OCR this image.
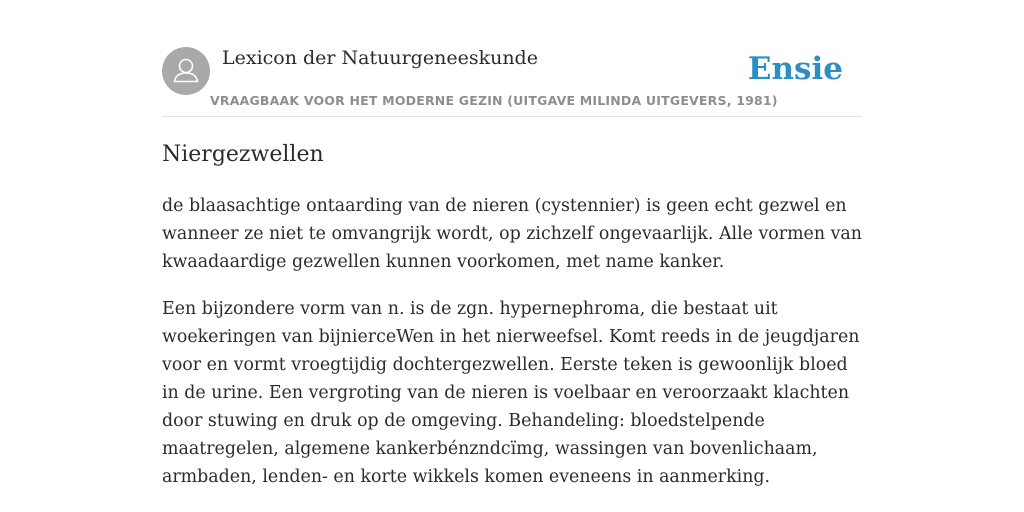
Lexicon der Natuurgeneeskunde
VRAAGBAAK VOOR HET MODERNE GEZIN (UITGAVE MILINDA UITGEVERS, 1981)
Ensie
Niergezwellen

de blaasachtige ontaarding van de nieren (cystennier) is geen echt gezwel en wanneer ze niet te omvangrijk wordt, op zichzelf ongevaarlijk. Alle vormen van kwaadaardige gezwellen kunnen voorkomen, met name kanker.

Een bijzondere vorm van n. is de zgn. hypernephroma, die bestaat uit woekeringen van bijnierceWen in het nierweefsel. Komt reeds in de jeugdjaren voor en vormt vroegtijdig dochtergezwellen. Eerste teken is gewoonlijk bloed in de urine. Een vergroting van de nieren is voelbaar en veroorzaakt klachten door stuwing en druk op de omgeving. Behandeling: bloedstelpende maatregelen, algemene kankerbénzndcïmg, wassingen van bovenlichaam, armbaden, lenden- en korte wikkels komen eveneens in aanmerking.
